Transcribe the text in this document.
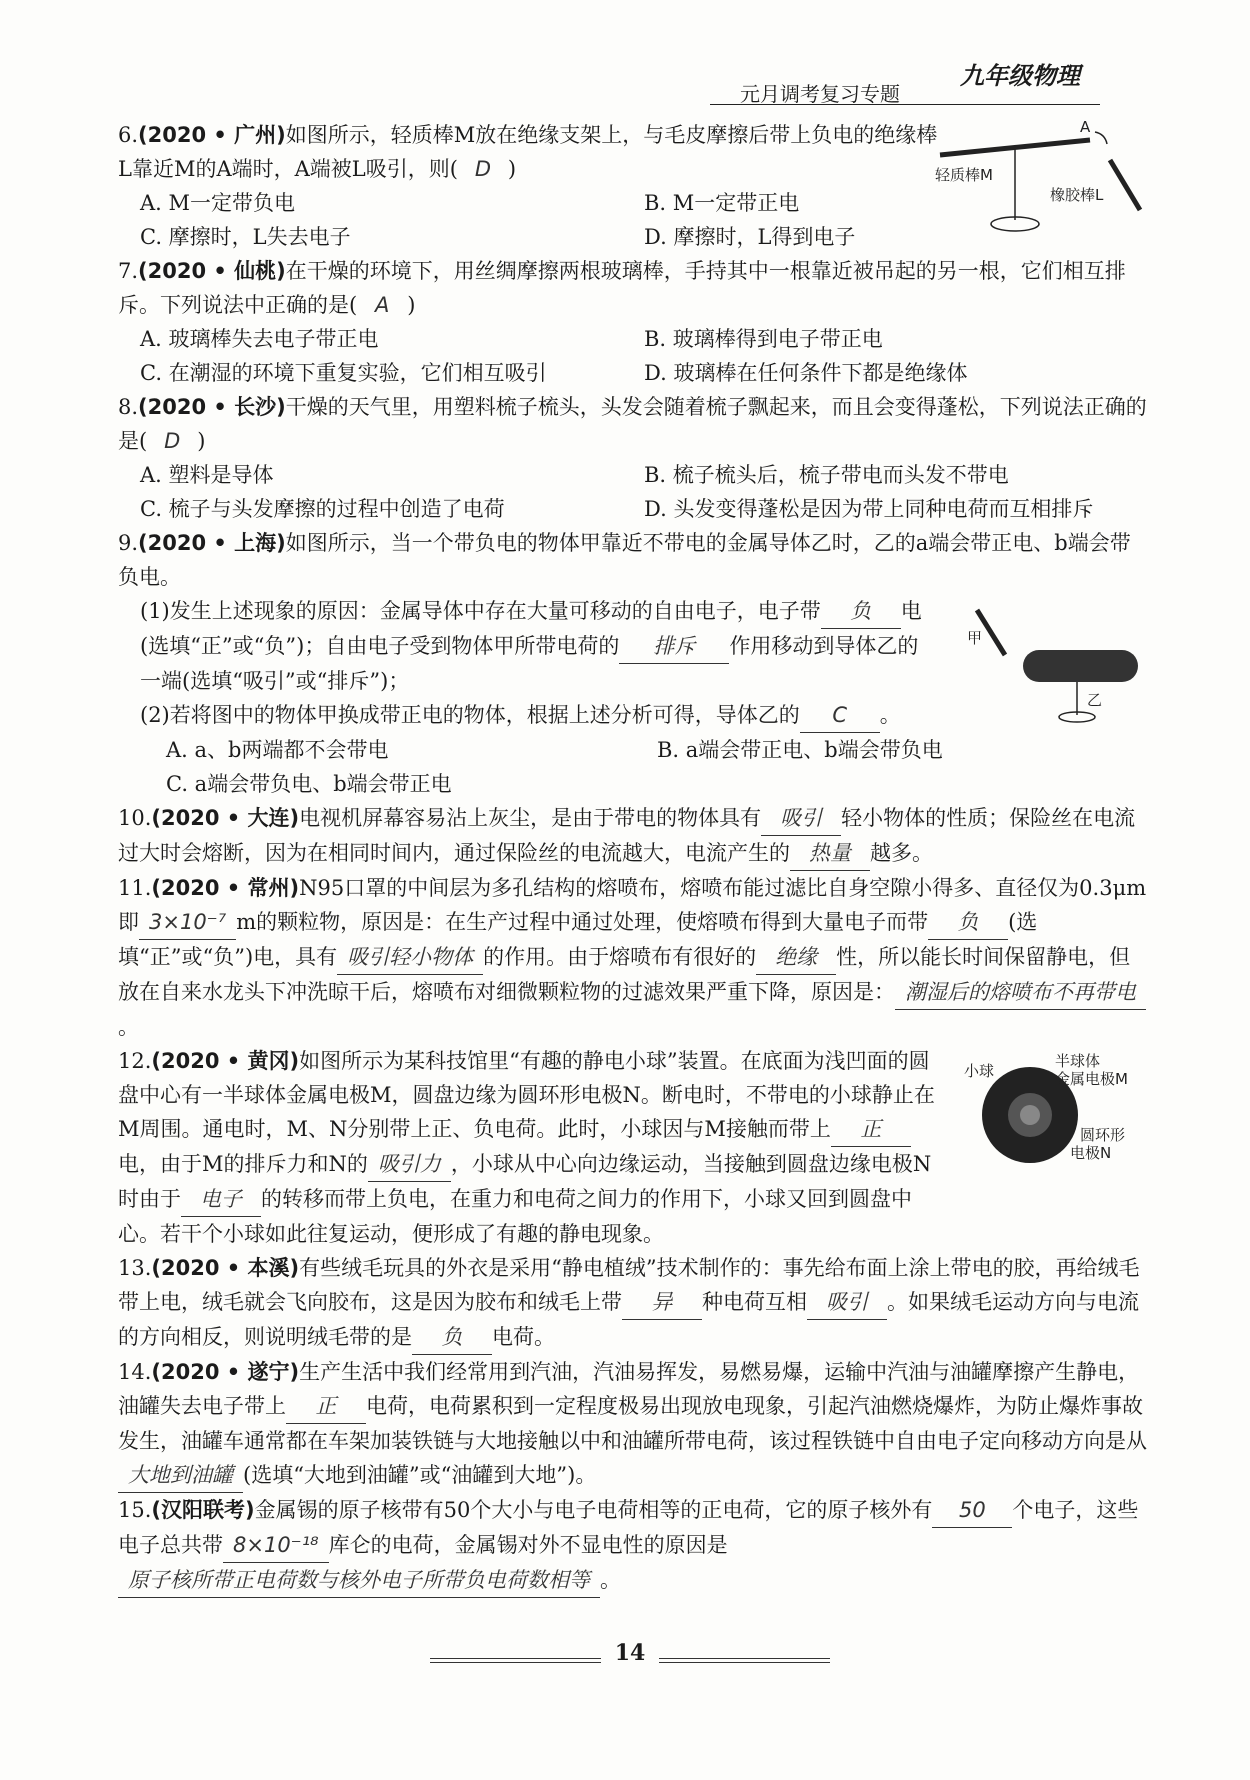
九年级物理
元月调考复习专题
A
轻质棒M
橡胶棒L
甲
乙
小球
半球体
金属电极M
圆环形
电极N
6.(2020 • 广州)如图所示，轻质棒M放在绝缘支架上，与毛皮摩擦后带上负电的绝缘棒L靠近M的A端时，A端被L吸引，则( D )
A. M一定带负电	B. M一定带正电
C. 摩擦时，L失去电子	D. 摩擦时，L得到电子
7.(2020 • 仙桃)在干燥的环境下，用丝绸摩擦两根玻璃棒，手持其中一根靠近被吊起的另一根，它们相互排斥。下列说法中正确的是( A )
A. 玻璃棒失去电子带正电	B. 玻璃棒得到电子带正电
C. 在潮湿的环境下重复实验，它们相互吸引	D. 玻璃棒在任何条件下都是绝缘体
8.(2020 • 长沙)干燥的天气里，用塑料梳子梳头，头发会随着梳子飘起来，而且会变得蓬松，下列说法正确的是( D )
A. 塑料是导体	B. 梳子梳头后，梳子带电而头发不带电
C. 梳子与头发摩擦的过程中创造了电荷	D. 头发变得蓬松是因为带上同种电荷而互相排斥
9.(2020 • 上海)如图所示，当一个带负电的物体甲靠近不带电的金属导体乙时，乙的a端会带正电、b端会带负电。
(1)发生上述现象的原因：金属导体中存在大量可移动的自由电子，电子带 负 电(选填“正”或“负”)；自由电子受到物体甲所带电荷的 排斥 作用移动到导体乙的一端(选填“吸引”或“排斥”)；
(2)若将图中的物体甲换成带正电的物体，根据上述分析可得，导体乙的 C 。
A. a、b两端都不会带电	B. a端会带正电、b端会带负电
C. a端会带负电、b端会带正电
10.(2020 • 大连)电视机屏幕容易沾上灰尘，是由于带电的物体具有 吸引 轻小物体的性质；保险丝在电流过大时会熔断，因为在相同时间内，通过保险丝的电流越大，电流产生的 热量 越多。
11.(2020 • 常州)N95口罩的中间层为多孔结构的熔喷布，熔喷布能过滤比自身空隙小得多、直径仅为0.3μm即 3×10⁻⁷ m的颗粒物，原因是：在生产过程中通过处理，使熔喷布得到大量电子而带 负 (选填“正”或“负”)电，具有 吸引轻小物体 的作用。由于熔喷布有很好的 绝缘 性，所以能长时间保留静电，但放在自来水龙头下冲洗晾干后，熔喷布对细微颗粒物的过滤效果严重下降，原因是： 潮湿后的熔喷布不再带电。
12.(2020 • 黄冈)如图所示为某科技馆里“有趣的静电小球”装置。在底面为浅凹面的圆盘中心有一半球体金属电极M，圆盘边缘为圆环形电极N。断电时，不带电的小球静止在M周围。通电时，M、N分别带上正、负电荷。此时，小球因与M接触而带上 正电，由于M的排斥力和N的 吸引力 ，小球从中心向边缘运动，当接触到圆盘边缘电极N时由于 电子 的转移而带上负电，在重力和电荷之间力的作用下，小球又回到圆盘中心。若干个小球如此往复运动，便形成了有趣的静电现象。
13.(2020 • 本溪)有些绒毛玩具的外衣是采用“静电植绒”技术制作的：事先给布面上涂上带电的胶，再给绒毛带上电，绒毛就会飞向胶布，这是因为胶布和绒毛上带 异 种电荷互相 吸引 。如果绒毛运动方向与电流的方向相反，则说明绒毛带的是 负 电荷。
14.(2020 • 遂宁)生产生活中我们经常用到汽油，汽油易挥发，易燃易爆，运输中汽油与油罐摩擦产生静电，油罐失去电子带上 正 电荷，电荷累积到一定程度极易出现放电现象，引起汽油燃烧爆炸，为防止爆炸事故发生，油罐车通常都在车架加装铁链与大地接触以中和油罐所带电荷，该过程铁链中自由电子定向移动方向是从大地到油罐 (选填“大地到油罐”或“油罐到大地”)。
15.(汉阳联考)金属锡的原子核带有50个大小与电子电荷相等的正电荷，它的原子核外有 50 个电子，这些电子总共带 8×10⁻¹⁸ 库仑的电荷，金属锡对外不显电性的原因是原子核所带正电荷数与核外电子所带负电荷数相等 。
14
